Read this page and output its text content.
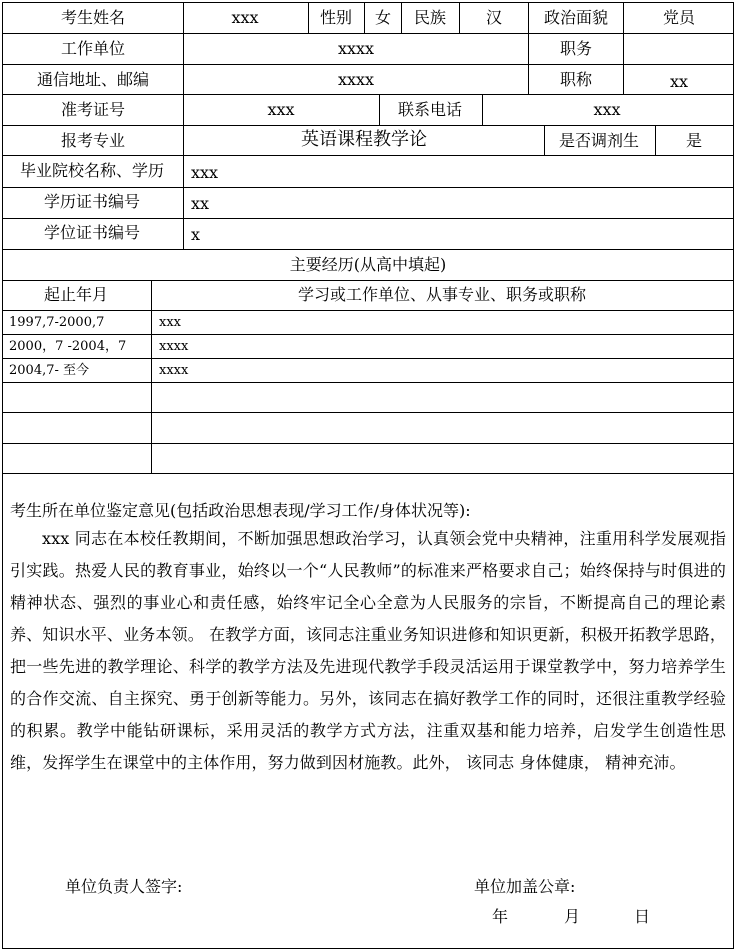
考生姓名	xxx	性别 女 民族 汉	政治面貌	党员
工作单位	xxxx	职务
通信地址、邮编	xxxx	职称	xx
准考证号	xxx	联系电话	xxx
报考专业	英语课程教学论	是否调剂生	是
毕业院校名称、学历 xxx
学历证书编号	xx
学位证书编号	x
主要经历(从高中填起)
起止年月	学习或工作单位、从事专业、职务或职称
1997,7-2000,7	xxx
2000，7 -2004，7	xxxx
2004,7- 至今	xxxx
考生所在单位鉴定意见(包括政治思想表现/学习工作/身体状况等):
xxx 同志在本校任教期间，不断加强思想政治学习，认真领会党中央精神，注重用科学发展观指引实践。热爱人民的教育事业，始终以一个“人民教师”的标准来严格要求自己；始终保持与时俱进的精神状态、强烈的事业心和责任感，始终牢记全心全意为人民服务的宗旨，不断提高自己的理论素养、知识水平、业务本领。 在教学方面，该同志注重业务知识进修和知识更新，积极开拓教学思路，把一些先进的教学理论、科学的教学方法及先进现代教学手段灵活运用于课堂教学中，努力培养学生的合作交流、自主探究、勇于创新等能力。另外，该同志在搞好教学工作的同时，还很注重教学经验的积累。教学中能钻研课标，采用灵活的教学方式方法，注重双基和能力培养，启发学生创造性思维，发挥学生在课堂中的主体作用，努力做到因材施教。此外， 该同志 身体健康， 精神充沛。
单位负责人签字:	单位加盖公章:
年	月	日
